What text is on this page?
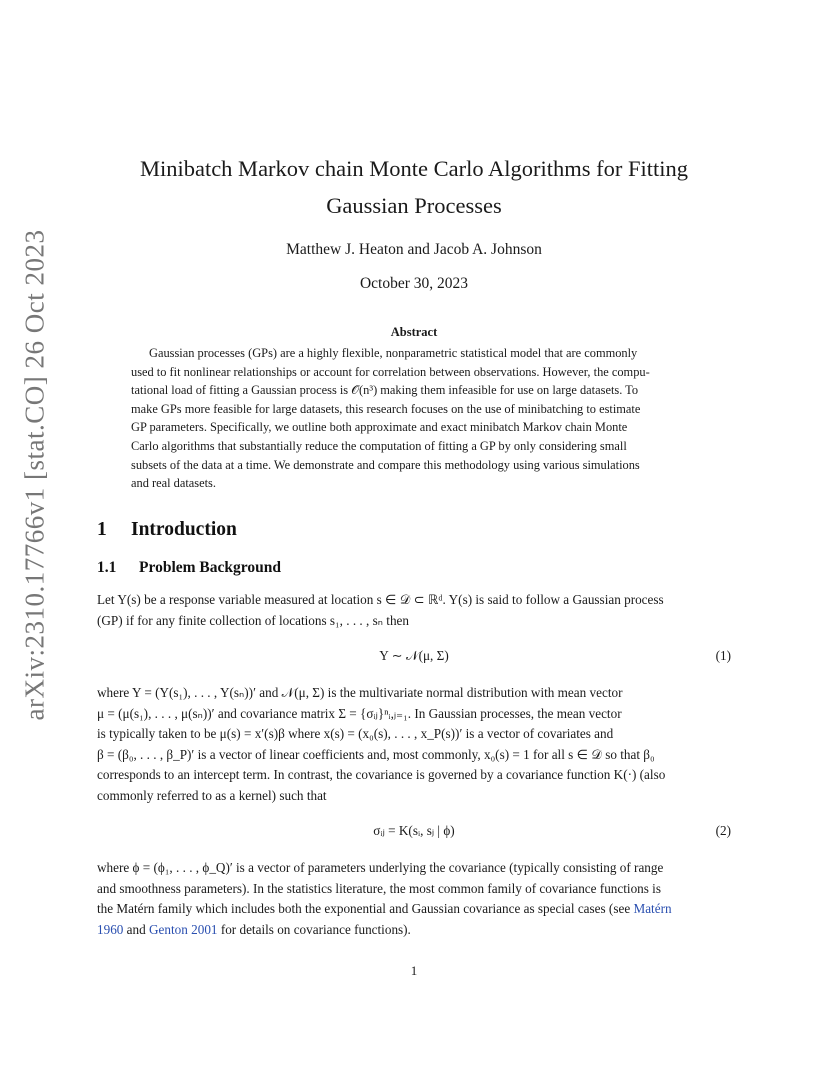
arXiv:2310.17766v1 [stat.CO] 26 Oct 2023
Minibatch Markov chain Monte Carlo Algorithms for Fitting
Gaussian Processes
Matthew J. Heaton and Jacob A. Johnson
October 30, 2023
Abstract
Gaussian processes (GPs) are a highly flexible, nonparametric statistical model that are commonly
used to fit nonlinear relationships or account for correlation between observations. However, the compu-
tational load of fitting a Gaussian process is 𝒪(n³) making them infeasible for use on large datasets. To
make GPs more feasible for large datasets, this research focuses on the use of minibatching to estimate
GP parameters. Specifically, we outline both approximate and exact minibatch Markov chain Monte
Carlo algorithms that substantially reduce the computation of fitting a GP by only considering small
subsets of the data at a time. We demonstrate and compare this methodology using various simulations
and real datasets.
1 Introduction
1.1 Problem Background
Let Y(s) be a response variable measured at location s ∈ 𝒟 ⊂ ℝᵈ. Y(s) is said to follow a Gaussian process
(GP) if for any finite collection of locations s₁, . . . , sₙ then
Y ∼ 𝒩(μ, Σ)	(1)
where Y = (Y(s₁), . . . , Y(sₙ))′ and 𝒩(μ, Σ) is the multivariate normal distribution with mean vector
μ = (μ(s₁), . . . , μ(sₙ))′ and covariance matrix Σ = {σᵢⱼ}ⁿᵢ,ⱼ₌₁. In Gaussian processes, the mean vector
is typically taken to be μ(s) = x′(s)β where x(s) = (x₀(s), . . . , x_P(s))′ is a vector of covariates and
β = (β₀, . . . , β_P)′ is a vector of linear coefficients and, most commonly, x₀(s) = 1 for all s ∈ 𝒟 so that β₀
corresponds to an intercept term. In contrast, the covariance is governed by a covariance function K(·) (also
commonly referred to as a kernel) such that
σᵢⱼ = K(sᵢ, sⱼ | ϕ)	(2)
where ϕ = (ϕ₁, . . . , ϕ_Q)′ is a vector of parameters underlying the covariance (typically consisting of range
and smoothness parameters). In the statistics literature, the most common family of covariance functions is
the Matérn family which includes both the exponential and Gaussian covariance as special cases (see Matérn
1960 and Genton 2001 for details on covariance functions).
1
